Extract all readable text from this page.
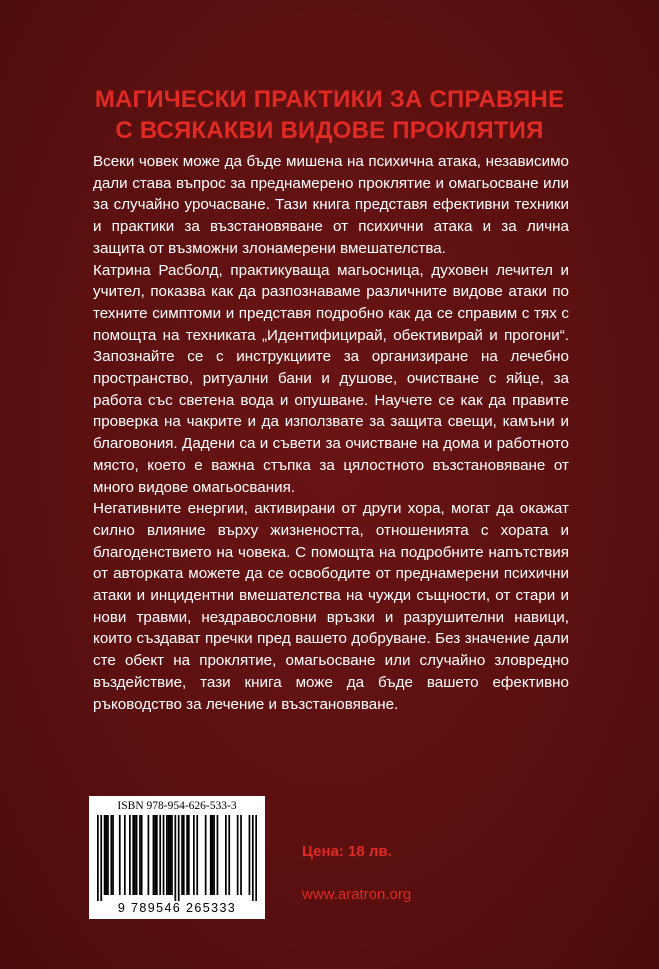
МАГИЧЕСКИ ПРАКТИКИ ЗА СПРАВЯНЕ
С ВСЯКАКВИ ВИДОВЕ ПРОКЛЯТИЯ

Всеки човек може да бъде мишена на психична атака, независимо дали става въпрос за преднамерено проклятие и омагьосване или за случайно урочасване. Тази книга представя ефективни техники и практики за възстановяване от психични атака и за лична защита от възможни злонамерени вмешателства.

Катрина Расболд, практикуваща магьосница, духовен лечител и учител, показва как да разпознаваме различните видове атаки по техните симптоми и представя подробно как да се справим с тях с помощта на техниката „Идентифицирай, обективирай и прогони“. Запознайте се с инструкциите за организиране на лечебно пространство, ритуални бани и душове, очистване с яйце, за работа със светена вода и опушване. Научете се как да правите проверка на чакрите и да използвате за защита свещи, камъни и благовония. Дадени са и съвети за очистване на дома и работното място, което е важна стъпка за цялостното възстановяване от много видове омагьосвания.

Негативните енергии, активирани от други хора, могат да окажат силно влияние върху жизнеността, отношенията с хората и благоденствието на човека. С помощта на подробните напътствия от авторката можете да се освободите от преднамерени психични атаки и инцидентни вмешателства на чужди същности, от стари и нови травми, нездравословни връзки и разрушителни навици, които създават пречки пред вашето добруване. Без значение дали сте обект на проклятие, омагьосване или случайно зловредно въздействие, тази книга може да бъде вашето ефективно ръководство за лечение и възстановяване.

ISBN 978-954-626-533-3
9 789546 265333
Цена: 18 лв.
www.aratron.org
